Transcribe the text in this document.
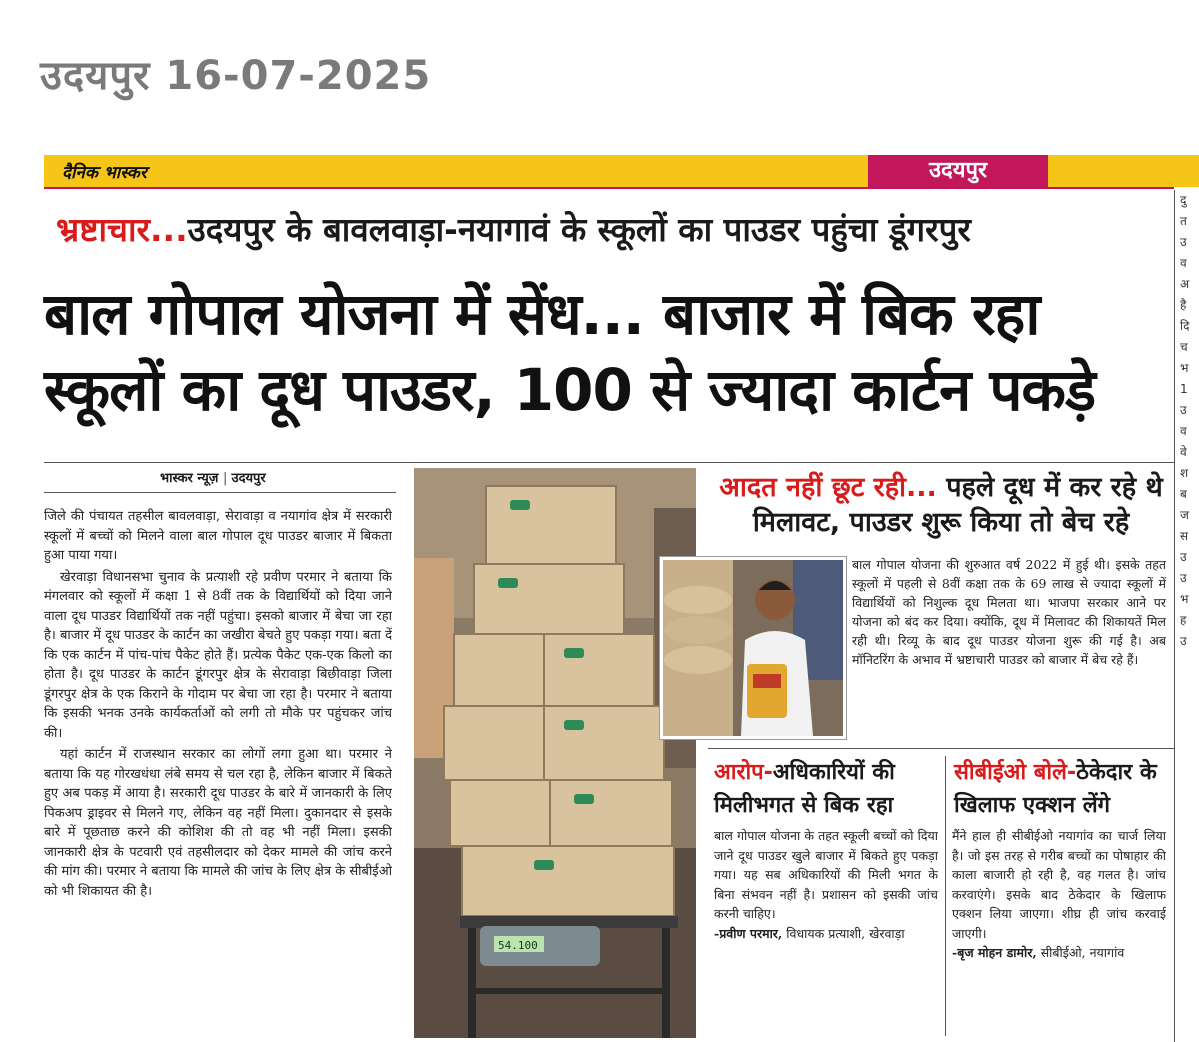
उदयपुर 16-07-2025
दैनिक भास्कर	उदयपुर
भ्रष्टाचार...उदयपुर के बावलवाड़ा-नयागावं के स्कूलों का पाउडर पहुंचा डूंगरपुर
बाल गोपाल योजना में सेंध... बाजार में बिक रहा
स्कूलों का दूध पाउडर, 100 से ज्यादा कार्टन पकड़े
भास्कर न्यूज़ | उदयपुर

जिले की पंचायत तहसील बावलवाड़ा, सेरावाड़ा व नयागांव क्षेत्र में सरकारी स्कूलों में बच्चों को मिलने वाला बाल गोपाल दूध पाउडर बाजार में बिकता हुआ पाया गया।

खेरवाड़ा विधानसभा चुनाव के प्रत्याशी रहे प्रवीण परमार ने बताया कि मंगलवार को स्कूलों में कक्षा 1 से 8वीं तक के विद्यार्थियों को दिया जाने वाला दूध पाउडर विद्यार्थियों तक नहीं पहुंचा। इसको बाजार में बेचा जा रहा है। बाजार में दूध पाउडर के कार्टन का जखीरा बेचते हुए पकड़ा गया। बता दें कि एक कार्टन में पांच-पांच पैकेट होते हैं। प्रत्येक पैकेट एक-एक किलो का होता है। दूध पाउडर के कार्टन डूंगरपुर क्षेत्र के सेरावाड़ा बिछीवाड़ा जिला डूंगरपुर क्षेत्र के एक किराने के गोदाम पर बेचा जा रहा है। परमार ने बताया कि इसकी भनक उनके कार्यकर्ताओं को लगी तो मौके पर पहुंचकर जांच की।

यहां कार्टन में राजस्थान सरकार का लोगों लगा हुआ था। परमार ने बताया कि यह गोरखधंधा लंबे समय से चल रहा है, लेकिन बाजार में बिकते हुए अब पकड़ में आया है। सरकारी दूध पाउडर के बारे में जानकारी के लिए पिकअप ड्राइवर से मिलने गए, लेकिन वह नहीं मिला। दुकानदार से इसके बारे में पूछताछ करने की कोशिश की तो वह भी नहीं मिला। इसकी जानकारी क्षेत्र के पटवारी एवं तहसीलदार को देकर मामले की जांच करने की मांग की। परमार ने बताया कि मामले की जांच के लिए क्षेत्र के सीबीईओ को भी शिकायत की है।

54.100
आदत नहीं छूट रही... पहले दूध में कर रहे थे मिलावट, पाउडर शुरू किया तो बेच रहे
बाल गोपाल योजना की शुरुआत वर्ष 2022 में हुई थी। इसके तहत स्कूलों में पहली से 8वीं कक्षा तक के 69 लाख से ज्यादा स्कूलों में विद्यार्थियों को निशुल्क दूध मिलता था। भाजपा सरकार आने पर योजना को बंद कर दिया। क्योंकि, दूध में मिलावट की शिकायतें मिल रही थी। रिव्यू के बाद दूध पाउडर योजना शुरू की गई है। अब मॉनिटरिंग के अभाव में भ्रष्टाचारी पाउडर को बाजार में बेच रहे हैं।
आरोप-अधिकारियों की मिलीभगत से बिक रहा
सीबीईओ बोले-ठेकेदार के खिलाफ एक्शन लेंगे
बाल गोपाल योजना के तहत स्कूली बच्चों को दिया जाने दूध पाउडर खुले बाजार में बिकते हुए पकड़ा गया। यह सब अधिकारियों की मिली भगत के बिना संभवन नहीं है। प्रशासन को इसकी जांच करनी चाहिए।
-प्रवीण परमार, विधायक प्रत्याशी, खेरवाड़ा
मैंने हाल ही सीबीईओ नयागांव का चार्ज लिया है। जो इस तरह से गरीब बच्चों का पोषाहार की काला बाजारी हो रही है, वह गलत है। जांच करवाएंगे। इसके बाद ठेकेदार के खिलाफ एक्शन लिया जाएगा। शीघ्र ही जांच करवाई जाएगी।
-बृज मोहन डामोर, सीबीईओ, नयागांव
दु
त
उ
व
अ
है
दि
च
भ
1
उ
व
वे
श
ब
ज
स
उ
उ
भ
ह
उ
